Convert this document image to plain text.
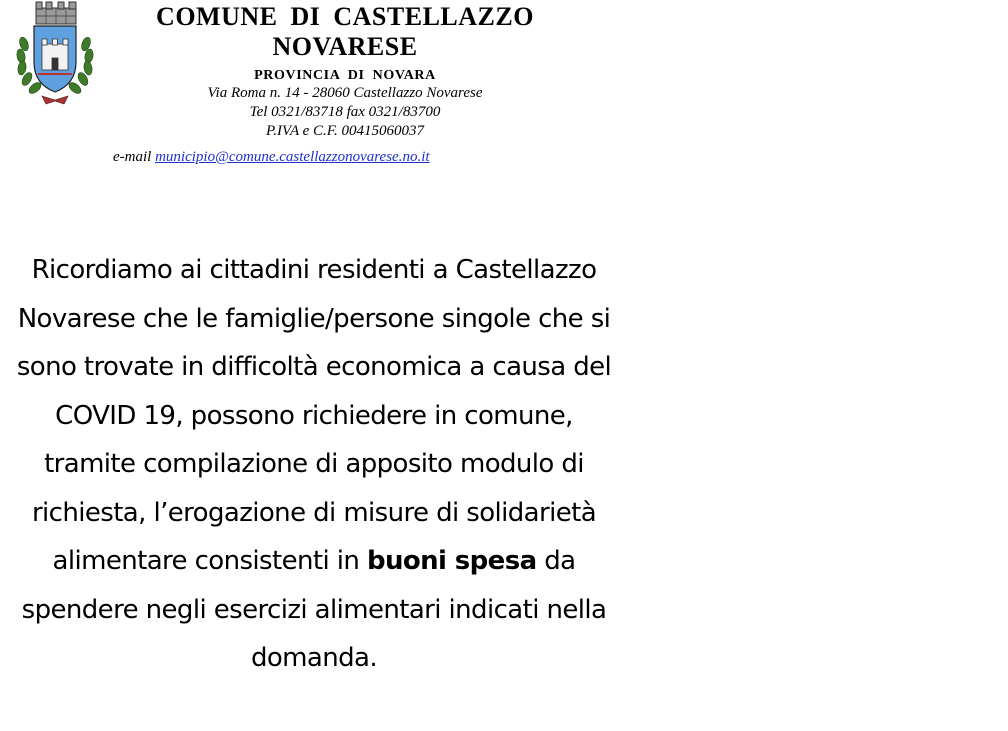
COMUNE DI CASTELLAZZO
NOVARESE
PROVINCIA DI NOVARA
Via Roma n. 14 - 28060 Castellazzo Novarese
Tel 0321/83718 fax 0321/83700
P.IVA e C.F. 00415060037
e-mail municipio@comune.castellazzonovarese.no.it
Ricordiamo ai cittadini residenti a Castellazzo Novarese che le famiglie/persone singole che si sono trovate in difficoltà economica a causa del COVID 19, possono richiedere in comune, tramite compilazione di apposito modulo di richiesta, l’erogazione di misure di solidarietà alimentare consistenti in buoni spesa da spendere negli esercizi alimentari indicati nella domanda.
